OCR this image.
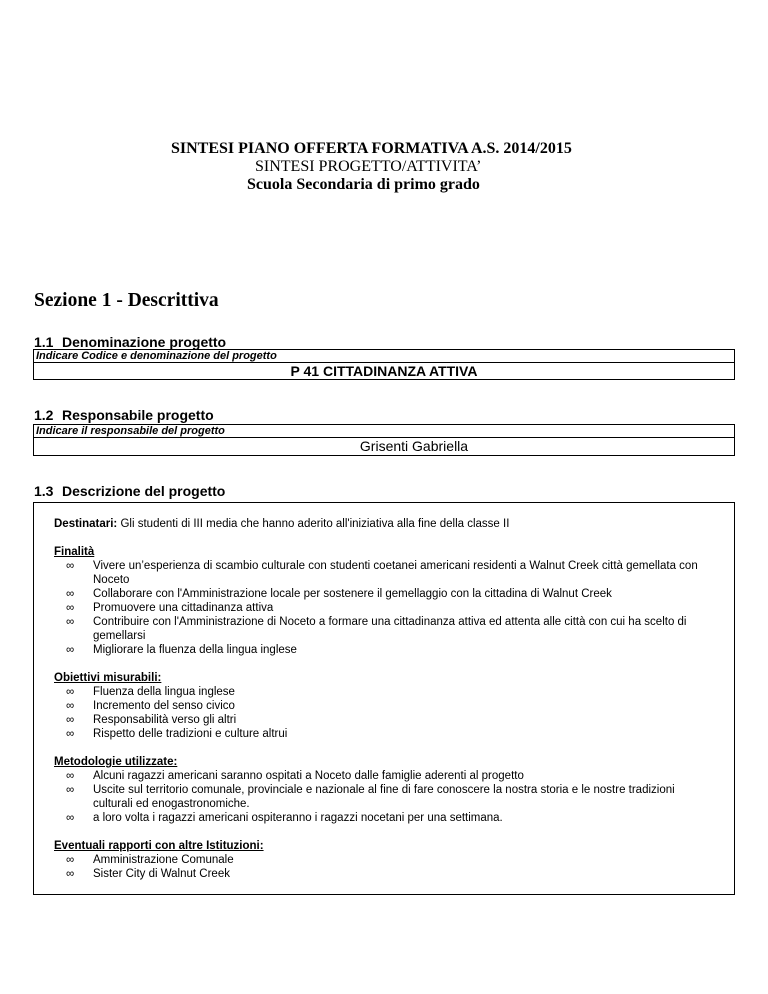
SINTESI PIANO OFFERTA FORMATIVA A.S. 2014/2015
SINTESI PROGETTO/ATTIVITA’
Scuola Secondaria di primo grado
Sezione 1 - Descrittiva
1.1 Denominazione progetto
Indicare Codice e denominazione del progetto
P 41 CITTADINANZA ATTIVA
1.2 Responsabile progetto
Indicare il responsabile del progetto
Grisenti Gabriella
1.3 Descrizione del progetto

Destinatari: Gli studenti di III media che hanno aderito all'iniziativa alla fine della classe II

Finalità
∞ Vivere un’esperienza di scambio culturale con studenti coetanei americani residenti a Walnut Creek città gemellata con Noceto
∞ Collaborare con l'Amministrazione locale per sostenere il gemellaggio con la cittadina di Walnut Creek
∞ Promuovere una cittadinanza attiva
∞ Contribuire con l'Amministrazione di Noceto a formare una cittadinanza attiva ed attenta alle città con cui ha scelto di gemellarsi
∞ Migliorare la fluenza della lingua inglese
Obiettivi misurabili:
∞ Fluenza della lingua inglese
∞ Incremento del senso civico
∞ Responsabilità verso gli altri
∞ Rispetto delle tradizioni e culture altrui
Metodologie utilizzate:
∞ Alcuni ragazzi americani saranno ospitati a Noceto dalle famiglie aderenti al progetto
∞ Uscite sul territorio comunale, provinciale e nazionale al fine di fare conoscere la nostra storia e le nostre tradizioni culturali ed enogastronomiche.
∞ a loro volta i ragazzi americani ospiteranno i ragazzi nocetani per una settimana.
Eventuali rapporti con altre Istituzioni:
∞ Amministrazione Comunale
∞ Sister City di Walnut Creek
